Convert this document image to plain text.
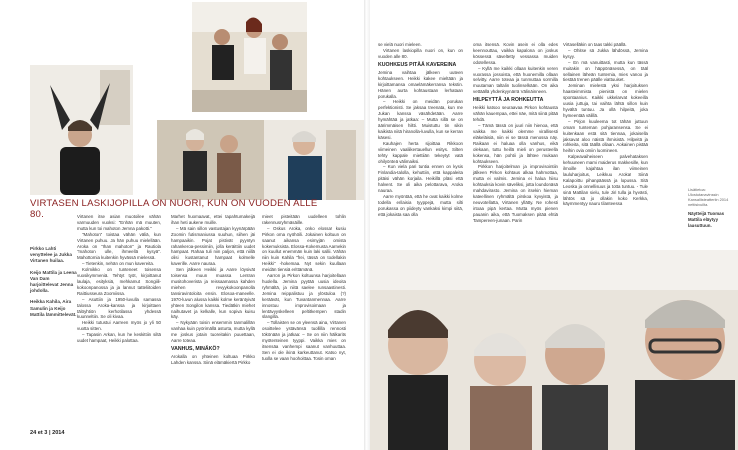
VIRTASEN LASKIJOPILLA ON NUORI, KUN ON VUODEN ALLE 80.
Pirkko Lahti venyttelee ja Jukka Virtanen huilaa.
Keijo Mattila ja Leena Van Dam harjoittelevat Jenna johdolla.
Heikka Kahila, Aira Samulin ja Keijo Mattila lämmittelevät.

Virtanen itse asian muotoilee vähän varmuuden vuoksi: "Enhän mä muuten, mutta kun toi mahoton Jemna pakotti."

"Mahoton" toistaa vähän väliä, kun Virtanen puhuu. Ja hän puhuu mielellään. Aroka on "Ihan mahoton" ja Rautiola "mahoton ulle, ihmeellä kysyä". Mahottomia kuitenkin hyvässä mielessä.

– Tietenkin, nehän on mun kavereita.

Kolmikko on tunteneet toisensa vuosikymmeniä. Tehtyt työt, kirjoittanut laulaja, esityksiä, mehkamut Songiili-kokoonpanossa ja ja lannut tatteliitoiden Raittiusseura Zoomiissa.

– Asuttiin ja 1950-luvulla samassa talossa Aroka-kanssa ja kirjoittaen tälöyhtiön kerhotilassa yhdessä kuunneltiin. Se oli kivaa.

Heikki tutustui Aarreen myös jo yli 50 vuotta sitten.

– Tapasin Arkan, kun he keskittiin siltä uudet hampaat, Heikki palottaa.

Marhet huomaavat, ettei tapahtumakeijä ihan heti aukene muille.

– Mä sain sillon vastustajan kyynärpään Zoomin futismaniussa suuhun, siihen jäi hampaaikin. Pojat pistivät pyyntyn rahankeroa-pessimiin, jolla keräittiin uudet hampaat. Rahaa tuli niin paljon, että niillä olisi kustantanut hampaat kolmelle kaverille. Aarre nauraa.

Sen jälkeen Heikki ja Aarre löysivät toisensa muun muassa Lentran musitohoverista ja reissaamassa kahden miehen revyykokoonpanolla tansiravintoloita ensin. Elosoa-maneelle. 1970-luvun alussa kaikki kolme keräntyivät yhteen Songilon kanssa. Tiedätkin miehet naihutavet ja kelkalle, kun sopiva kuisu käy.

– Nykyään toisin ensemmin tanmalillän vanhaa kuin pyörimällä asturta, mutta kyllä me joskus jotain tuoreitakin puuettaan, Aarre toteaa.

VANHUS, MINÄKÖ?

Arokalla on yhteinen koltuaa Pirkko Lahden kanssa. Siinä elämäkiertä Pirkko

mieet pisteitään uudelleen tohlin rakennusryhmäsäille.

– Oskus Aroka, onko elossa! kusiu Pirkon oma nyöhöili. Jokainen koltuun on saanut aikansa esimyjän omista kokemuksista. Elossa-Kokemusta Aarnekin on kuullut enemmän kuin laki sallii. Vähän niin kuin Kahila "frei, tässä on todellakin Heikki" -hokemaa. Nyt sekin kuullaan meidän tiensiä erittämänä.

Aarron ja Pirkon koltuunsa harjoitellaan huolella. Jemina pyytää uusia ideoita ryhmältä, ja niitä saelee runsaastinesti. Jemina reippalistuu ja ylöstuloa (?) keräävät, kun Tuvantanmennaa. Aarre innostuu improvisoimaan ja lentävyyskelleen peltitkempen stadin slangilla.

– Tollaisten se on yleensä aina, Virtanen osoittelee ystävänsä tuollilla rennosti tökönään ja jatkaa: – Se on niin hälkarits myötenteinen tyyppi. Vaikka mies on itsensäa vanhempi saanut vanhuuttaa. Sen ei ole ikinä karkeuttanut. Katso nyt, tuolla se vaan hoohoittaa. Tosin oman

24 et 3 | 2014

se vielä nuori mieleen.

Virtanen laskiopilla nuori on, kun on vuoden alle 80.

KUOHKEUS PITÄÄ KAVEREINA

Jemina vaihtaa jälkeen uuteen kohtaukseen. Heikki kakee mieltään ja kirjoittamansa omaelämäkerransa tekstin. Hänen aurta kohtaustaan lerhataan porukalla.

– Heikki on meidän porukan perfektionisti. Se jaksaa treenata, kun me Jukan kanssa väsähdetään. Aarre hymähtää ja jatkaa: – Mutta sillä se on äärimmäisen hiltti. Muistuttu tin sikin kaikista niitä hiranolla-luvulla, kun se kerran käsesi.

Kauhajen herta sijoittaa Rikkoon viimeinen vaaliikertauellun esitys. Silten tehty kappale miettiiän tekeytyt vatä ohilyönteä välimaiksi.

– Kun viela pari tuntia ennen on kysis Finlandia-talolla, kehuttiin, että kappaleita pitäisi vähän korjaila. Heikillä pläsi että halvent. Se oli aika pelottarava, Aroka nauraa.

Aarre myöntää, että he ovat kaikki kolme todella erilaisia tyyppejä, mutta silti porukassa on piideyty vankaksi kimpi siitä, että jokaista saa olla

oma itsensä. Kovin asein ei olla edes keennouttau, vaikka kapalona on joskus kössessä säveltetty vessassa muiden odotellessa.

– Kyllä me kaikki ollaan kuitenkin veren vuorassa jossoista, että huonemilla ollaan selvitty. Aarre toteaa ja tunmuttaa sormilla muutaman taltalin tuolinselkään. On aika vettäällä yhdenkyynärrä Välinäinneen.

HILPEYTTÄ JA ROHKEUTTA

Heikki katsoo seuraavaa Pirkon kohtausta vähän kauempaa, ettei näe, mitä siinä pitää tehdä.

– Tämä tässä on juuri niin hienoa, että vaikka me kaikki olemme virallisesti eläkeläisiä, niin ei se tässä menossa näy. Raikaan ei haluaa olla vanhus, eikä olekaan, tuttu heillä mieli on perusteella kokensa, hän pohtii ja lähtee mukaan kohtaukseen.

Pirkkon harjoitelman ja improvisointiin jälkeen Pirkon kohtaus alkaa hahmottaa, mutta ei valmis. Jemina ei halua hiisu kohtauksia kovin säveliksi, jotta loundonäsä mahdavirasto. Jemina on itsekin hieman kateellinen ryhmältä pirskoa kyvyistä, ja neuvotellatta, Virtanen yllätty. Ne rohesti irtoaa pipä kertaa. Mutta myös pienen pauanin aika, että Tuomaksen pitää ehtiä Tampereen-junaan. Parin

Virtaselläkin on taas takki päällä.

– Ohitse sä Jukka lähdössä, Jemina kysyy.

– En mä vanuittasti, mutta kun tässä muitakin on häppönäsessä, on tääl sellainen läheän tuntemia, mies vanoo ja tiestää trenen päälle viattuuiset.

Jeminan mielestä yksi harjoituksen haasteimmista pienistä on mielen spontaanius. Kaikki ukkelarvat kokeeilla uusia juttuja, tai vaihta lähtä sillon kuin hyvältä tuntuu. Ja ollä hilpeitä, joka hymeentää välillä.

– Pirjon kuuleema tot tähän juttuun omam tunteman pohjaransensa. Se ei kuitenkaan estä sitä tiennaa, jokaisella jaksavat aloo näistä ihmisistä. Hilpeitä ja rohkeita, sitä täällä ollaan. Aokainen pistää heihin ovia omiin luomineen.

Kalpeavaiheiseen palvehataksen kehuuneen mami maiderus makkesille, kun ilmoille kajahtaa ilan viimeinen lauluharjoitus, Leikkuu Aroka! Siinä Kalapoittu pihanpäässä ja lopussa. Sitä Leoska ja onnellisuus ja totta tuntuu. - Tule sinä Mattilan sielu, tule Jiri tulla ja hyvästi, lähtös sä jo ollakin koko Kerkka, käymmentyy nauru tilanteessa

Lisätietoa: Ulostutanavinssin Kansallisteatteriin 2014 nettisivuilta.
Näytteijä Tuomas Mattila eläytyy lausuttuun.
